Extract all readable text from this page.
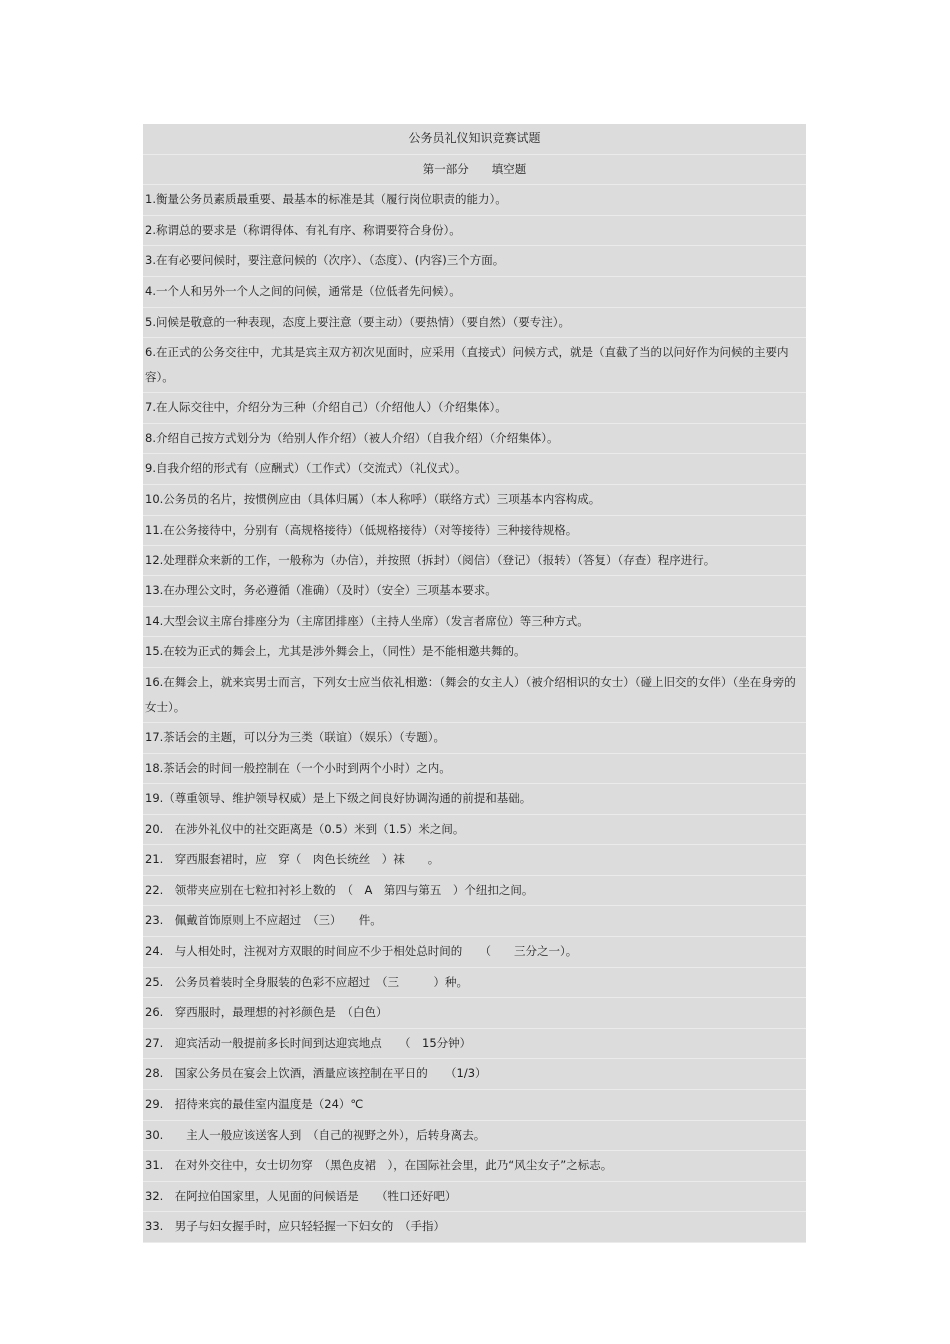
公务员礼仪知识竞赛试题
第一部分　　填空题
1.衡量公务员素质最重要、最基本的标准是其（履行岗位职责的能力）。
2.称谓总的要求是（称谓得体、有礼有序、称谓要符合身份）。
3.在有必要问候时，要注意问候的（次序）、（态度）、(内容)三个方面。
4.一个人和另外一个人之间的问候，通常是（位低者先问候）。
5.问候是敬意的一种表现，态度上要注意（要主动）（要热情）（要自然）（要专注）。
6.在正式的公务交往中，尤其是宾主双方初次见面时，应采用（直接式）问候方式，就是（直截了当的以问好作为问候的主要内容）。
7.在人际交往中，介绍分为三种（介绍自己）（介绍他人）（介绍集体）。
8.介绍自己按方式划分为（给别人作介绍）（被人介绍）（自我介绍）（介绍集体）。
9.自我介绍的形式有（应酬式）（工作式）（交流式）（礼仪式）。
10.公务员的名片，按惯例应由（具体归属）（本人称呼）（联络方式）三项基本内容构成。
11.在公务接待中，分别有（高规格接待）（低规格接待）（对等接待）三种接待规格。
12.处理群众来新的工作，一般称为（办信），并按照（拆封）（阅信）（登记）（报转）（答复）（存查）程序进行。
13.在办理公文时，务必遵循（准确）（及时）（安全）三项基本要求。
14.大型会议主席台排座分为（主席团排座）（主持人坐席）（发言者席位）等三种方式。
15.在较为正式的舞会上，尤其是涉外舞会上，（同性）是不能相邀共舞的。
16.在舞会上，就来宾男士而言，下列女士应当依礼相邀：（舞会的女主人）（被介绍相识的女士）（碰上旧交的女伴）（坐在身旁的女士）。
17.茶话会的主题，可以分为三类（联谊）（娱乐）（专题）。
18.茶话会的时间一般控制在（一个小时到两个小时）之内。
19.（尊重领导、维护领导权威）是上下级之间良好协调沟通的前提和基础。
20.　在涉外礼仪中的社交距离是（0.5）米到（1.5）米之间。
21.　穿西服套裙时，应　穿（　肉色长统丝　）袜　　。
22.　领带夹应别在七粒扣衬衫上数的　（　A　第四与第五　）个纽扣之间。
23.　佩戴首饰原则上不应超过　（三）　　件。
24.　与人相处时，注视对方双眼的时间应不少于相处总时间的　　（　　三分之一）。
25.　公务员着装时全身服装的色彩不应超过　（三　　　）种。
26.　穿西服时，最理想的衬衫颜色是　（白色）
27.　迎宾活动一般提前多长时间到达迎宾地点　　（　15分钟）
28.　国家公务员在宴会上饮酒，酒量应该控制在平日的　　（1/3）
29.　招待来宾的最佳室内温度是（24）℃
30.　　主人一般应该送客人到　（自己的视野之外），后转身离去。
31.　在对外交往中，女士切勿穿　（黑色皮裙　），在国际社会里，此乃“风尘女子”之标志。
32.　在阿拉伯国家里，人见面的问候语是　　（牲口还好吧）
33.　男子与妇女握手时，应只轻轻握一下妇女的　（手指）
